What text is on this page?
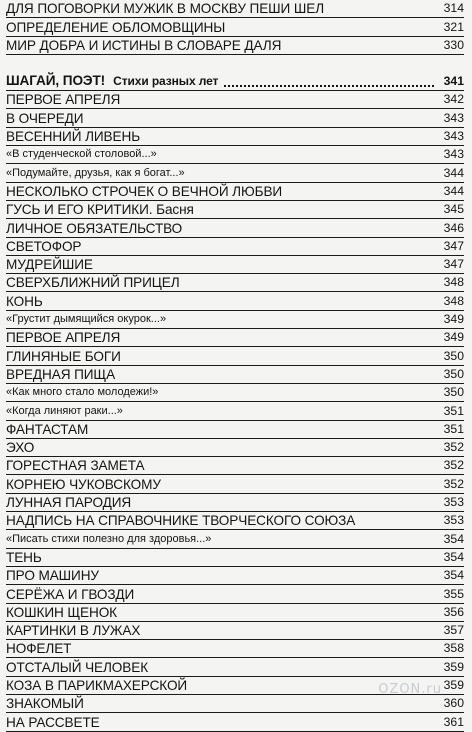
ДЛЯ ПОГОВОРКИ МУЖИК В МОСКВУ ПЕШИ ШЕЛ	314
ОПРЕДЕЛЕНИЕ ОБЛОМОВЩИНЫ	321
МИР ДОБРА И ИСТИНЫ В СЛОВАРЕ ДАЛЯ	330
ШАГАЙ, ПОЭТ! Стихи разных лет	341
ПЕРВОЕ АПРЕЛЯ	342
В ОЧЕРЕДИ	343
ВЕСЕННИЙ ЛИВЕНЬ	343
«В студенческой столовой...»	343
«Подумайте, друзья, как я богат...»	344
НЕСКОЛЬКО СТРОЧЕК О ВЕЧНОЙ ЛЮБВИ	344
ГУСЬ И ЕГО КРИТИКИ. Басня	345
ЛИЧНОЕ ОБЯЗАТЕЛЬСТВО	346
СВЕТОФОР	347
МУДРЕЙШИЕ	347
СВЕРХБЛИЖНИЙ ПРИЦЕЛ	348
КОНЬ	348
«Грустит дымящийся окурок...»	349
ПЕРВОЕ АПРЕЛЯ	349
ГЛИНЯНЫЕ БОГИ	350
ВРЕДНАЯ ПИЩА	350
«Как много стало молодежи!»	350
«Когда линяют раки...»	351
ФАНТАСТАМ	351
ЭХО	352
ГОРЕСТНАЯ ЗАМЕТА	352
КОРНЕЮ ЧУКОВСКОМУ	352
ЛУННАЯ ПАРОДИЯ	353
НАДПИСЬ НА СПРАВОЧНИКЕ ТВОРЧЕСКОГО СОЮЗА	353
«Писать стихи полезно для здоровья...»	354
ТЕНЬ	354
ПРО МАШИНУ	354
СЕРЁЖА И ГВОЗДИ	355
КОШКИН ЩЕНОК	356
КАРТИНКИ В ЛУЖАХ	357
НОФЕЛЕТ	358
ОТСТАЛЫЙ ЧЕЛОВЕК	359
КОЗА В ПАРИКМАХЕРСКОЙ	359
ЗНАКОМЫЙ	360
НА РАССВЕТЕ	361
OZON.ru
